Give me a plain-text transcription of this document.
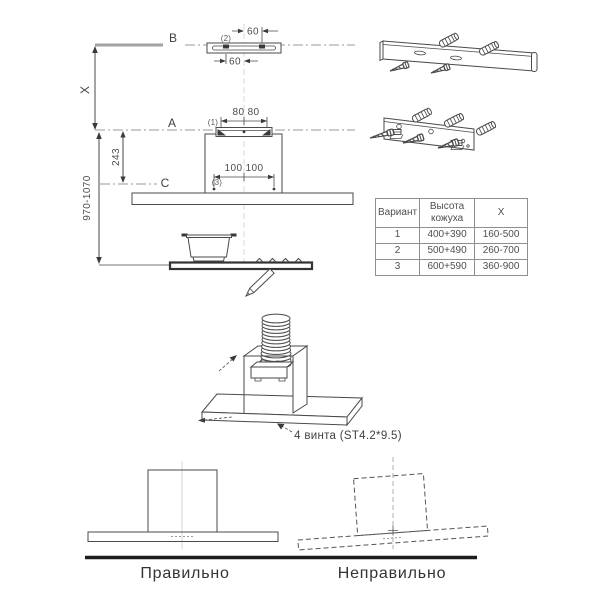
B
X
60
(2)
60
A
80 80
(1)
243
C
100 100
(3)
970-1070
4 винта (ST4.2*9.5)
Правильно	Неправильно
Вариант	Высота кожуха	X
1	400+390	160-500
2	500+490	260-700
3	600+590	360-900
